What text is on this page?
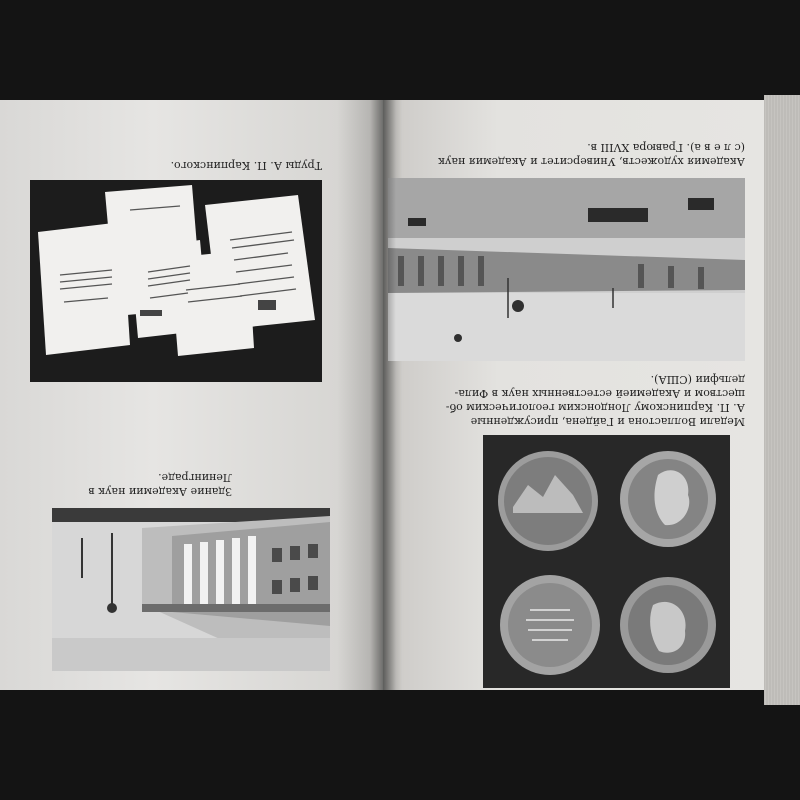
Труды А. П. Карпинского.
Здание Академии наук в
Ленинграде.
Академия художеств, Университет и Академия наук
(с л е в а). Гравюра XVIII в.
Медали Волластона и Гайдена, присужденные
А. П. Карпинскому Лондонским геологическим об-
ществом и Академией естественных наук в Фила-
дельфии (США).
